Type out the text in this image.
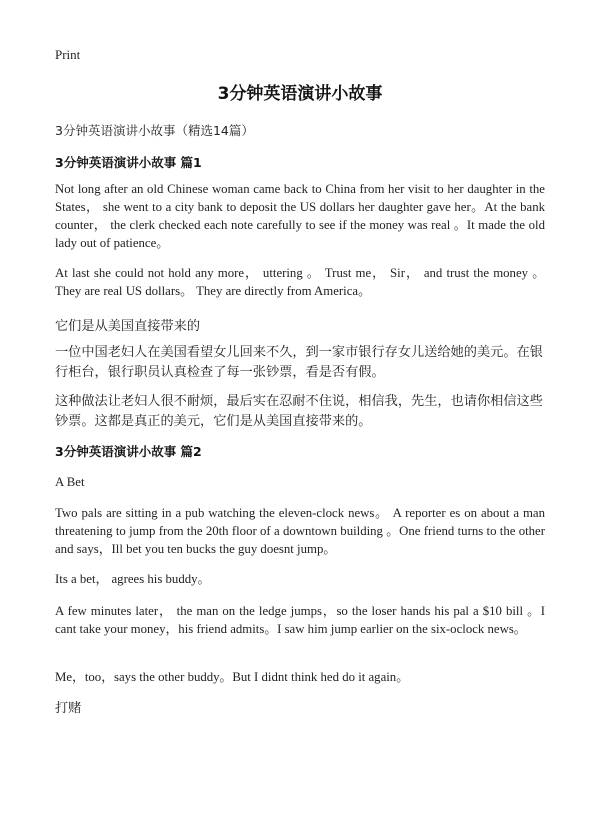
Print
3分钟英语演讲小故事
3分钟英语演讲小故事（精选14篇）
3分钟英语演讲小故事 篇1
Not long after an old Chinese woman came back to China from her visit to her daughter in the States， she went to a city bank to deposit the US dollars her daughter gave her。At the bank counter， the clerk checked each note carefully to see if the money was real 。It made the old lady out of patience。
At last she could not hold any more， uttering 。 Trust me， Sir， and trust the money 。 They are real US dollars。 They are directly from America。
它们是从美国直接带来的
一位中国老妇人在美国看望女儿回来不久，到一家市银行存女儿送给她的美元。在银行柜台，银行职员认真检查了每一张钞票，看是否有假。
这种做法让老妇人很不耐烦，最后实在忍耐不住说，相信我，先生，也请你相信这些钞票。这都是真正的美元，它们是从美国直接带来的。
3分钟英语演讲小故事 篇2
A Bet
Two pals are sitting in a pub watching the eleven-clock news。 A reporter es on about a man threatening to jump from the 20th floor of a downtown building 。One friend turns to the other and says，Ill bet you ten bucks the guy doesnt jump。
Its a bet， agrees his buddy。
A few minutes later， the man on the ledge jumps，so the loser hands his pal a $10 bill 。I cant take your money，his friend admits。I saw him jump earlier on the six-oclock news。
Me，too，says the other buddy。But I didnt think hed do it again。
打赌
